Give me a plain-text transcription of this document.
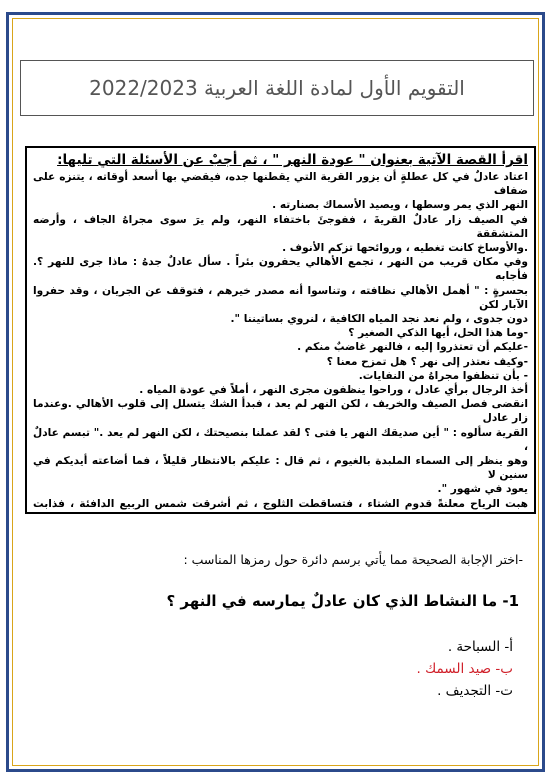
التقويم الأول لمادة اللغة العربية 2022/2023

اقرأ القصة الآتية بعنوان " عودة النهر " ، ثم أجبْ عن الأسئلة التي تليها:

اعتاد عادلٌ في كل عطلةٍ أن يزور القرية التي يقطنها جده، فيقضي بها أسعد أوقاته ، يتنزه على ضفاف

النهر الذي يمر وسطها ، ويصيد الأسماك بصنارته .

في الصيف زار عادلٌ القريةَ ، ففوجئَ باختفاء النهر، ولم يرَ سوى مجراهُ الجاف ، وأرضه المتشققة

.والأوساخ كانت تغطيه ، وروائحها تزكم الأنوف .

وفي مكان قريب من النهر ، تجمع الأهالي يحفرون بئراً . سأل عادلٌ جدهُ : ماذا جرى للنهر ؟. فأجابه

بحسرةٍ : " أهمل الأهالي نظافته ، وتناسوا أنه مصدر خيرهم ، فتوقف عن الجريان ، وقد حفروا الآبار لكن

دون جدوى ، ولم نعد نجد المياه الكافية ، لنروي بساتيننا ".

-وما هذا الحل، أيها الذكي الصغير ؟

-عليكم أن تعتذروا إليه ، فالنهر غاضبٌ منكم .

-وكيف نعتذر إلى نهر ؟ هل تمزح معنا ؟

- بأن تنظفوا مجراهُ من النفايات.

أخذ الرجال برأي عادل ، وراحوا ينظفون مجرى النهر ، أملاً في عودة المياه .

انقضى فصل الصيف والخريف ، لكن النهر لم يعد ، فبدأ الشك يتسلل إلى قلوب الأهالي .وعندما زار عادل

القرية سألوه : " أين صديقك النهر يا فتى ؟ لقد عملنا بنصيحتك ، لكن النهر لم يعد ." تبسم عادلٌ ،

وهو ينظر إلى السماء الملبدة بالغيوم ، ثم قال : عليكم بالانتظار قليلاً ، فما أضاعته أيديكم في سنين لا

يعود في شهور ".

هبت الرياح معلنةً قدوم الشتاء ، فتساقطت الثلوج ، ثم أشرقت شمس الربيع الدافئة ، فذابت

-اختر الإجابة الصحيحة مما يأتي برسم دائرة حول رمزها المناسب :
1- ما النشاط الذي كان عادلٌ يمارسه في النهر ؟

أ- السباحة .

ب- صيد السمك .

ت- التجديف .
